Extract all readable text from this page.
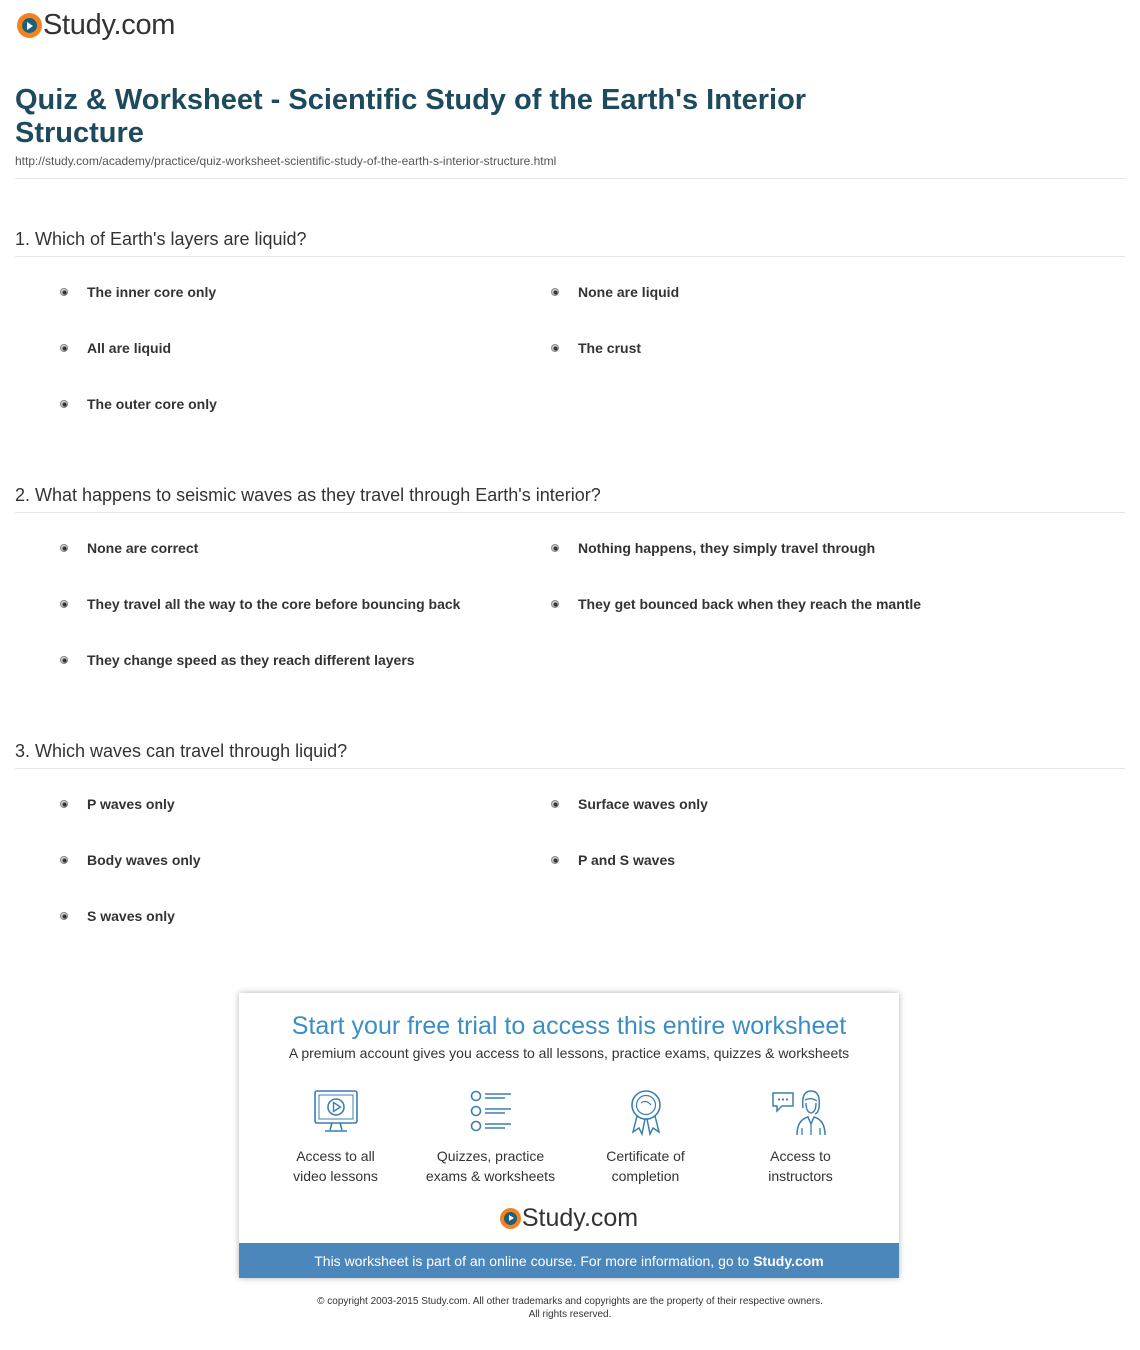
Study.com
Quiz & Worksheet - Scientific Study of the Earth's Interior Structure
http://study.com/academy/practice/quiz-worksheet-scientific-study-of-the-earth-s-interior-structure.html
1. Which of Earth's layers are liquid?
The inner core only	None are liquid
All are liquid	The crust
The outer core only
2. What happens to seismic waves as they travel through Earth's interior?
None are correct	Nothing happens, they simply travel through
They travel all the way to the core before bouncing back	They get bounced back when they reach the mantle
They change speed as they reach different layers
3. Which waves can travel through liquid?
P waves only	Surface waves only
Body waves only	P and S waves
S waves only
Start your free trial to access this entire worksheet
A premium account gives you access to all lessons, practice exams, quizzes & worksheets
Access to all
video lessons
Quizzes, practice
exams & worksheets
Certificate of
completion
Access to
instructors
Study.com
This worksheet is part of an online course. For more information, go to Study.com
© copyright 2003-2015 Study.com. All other trademarks and copyrights are the property of their respective owners.
All rights reserved.
